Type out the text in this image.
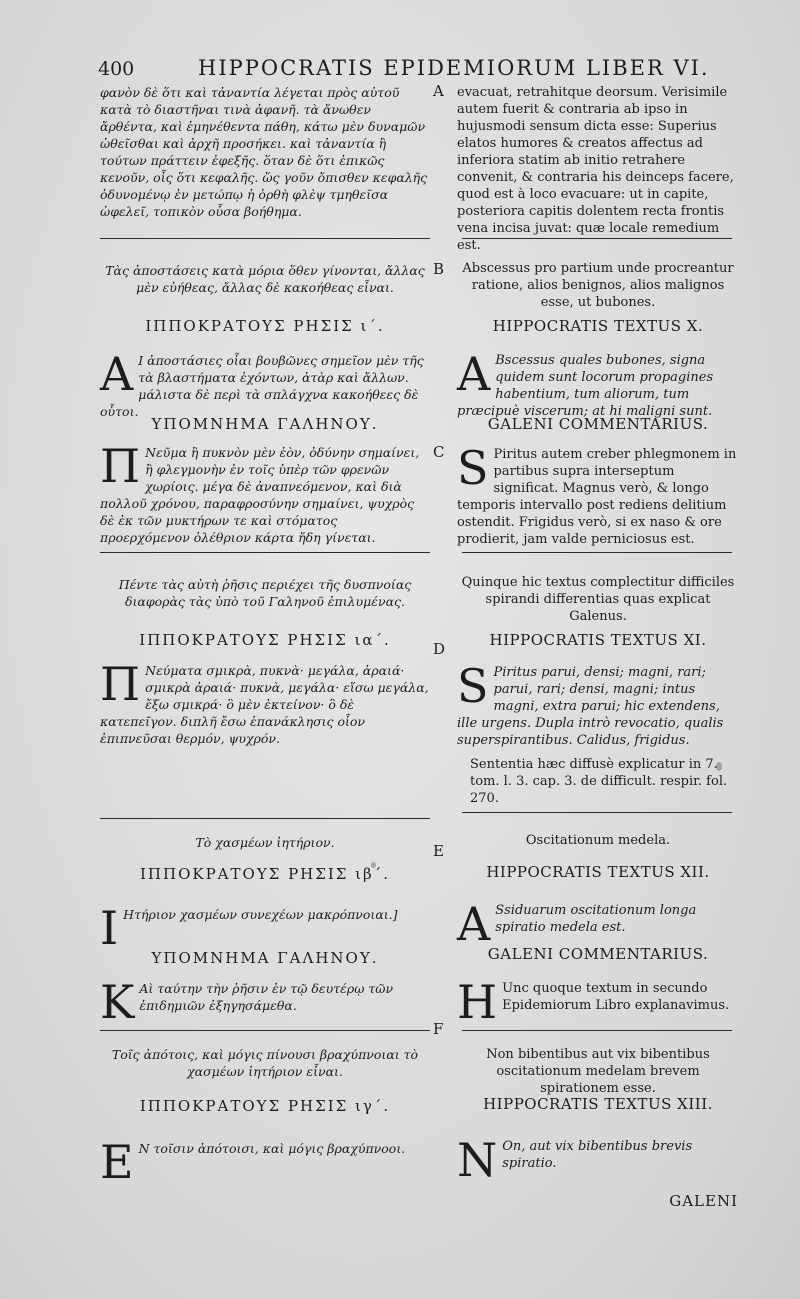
400	HIPPOCRATIS EPIDEMIORUM LIBER VI.
A
B
C
D
E
F
φανὸν δὲ ὅτι καὶ τἀναντία λέγεται πρὸς αὐτοῦ κατὰ τὸ διαστῆναι τινὰ ἀφανῆ. τὰ ἄνωθεν ἄρθέντα, καὶ ἐμηνέθεντα πάθη, κάτω μὲν δυναμῶν ὠθεῖσθαι καὶ ἀρχῆ προσήκει. καὶ τἀναντία ἢ τούτων πράττειν ἐφεξῆς. ὅταν δὲ ὅτι ἐπικῶς κενοῦν, οἷς ὅτι κεφαλῆς. ὥς γοῦν ὄπισθεν κεφαλῆς ὀδυνομένῳ ἐν μετώπῳ ἡ ὀρθὴ φλὲψ τμηθεῖσα ὠφελεῖ, τοπικὸν οὖσα βοήθημα.
Τὰς ἀποστάσεις κατὰ μόρια ὅθεν γίνονται, ἄλλας μὲν εὐήθεας, ἄλλας δὲ κακοήθεας εἶναι.
ΙΠΠΟΚΡΑΤΟΥΣ ΡΗΣΙΣ ι΄.
A Ι ἀποστάσιες οἷαι βουβῶνες σημεῖον μὲν τῆς τὰ βλαστήματα ἐχόντων, ἀτὰρ καὶ ἄλλων. μάλιστα δὲ περὶ τὰ σπλάγχνα κακοήθεες δὲ οὗτοι.
ΥΠΟΜΝΗΜΑ ΓΑΛΗΝΟΥ.
Π Νεῦμα ἢ πυκνὸν μὲν ἐὸν, ὀδύνην σημαίνει, ἢ φλεγμονὴν ἐν τοῖς ὑπὲρ τῶν φρενῶν χωρίοις. μέγα δὲ ἀναπνεόμενον, καὶ διὰ πολλοῦ χρόνου, παραφροσύνην σημαίνει, ψυχρὸς δὲ ἐκ τῶν μυκτήρων τε καὶ στόματος προερχόμενον ὀλέθριον κάρτα ἤδη γίνεται.
Πέντε τὰς αὐτὴ ῥῆσις περιέχει τῆς δυσπνοίας διαφορὰς τὰς ὑπὸ τοῦ Γαληνοῦ ἐπιλυμένας.
ΙΠΠΟΚΡΑΤΟΥΣ ΡΗΣΙΣ ια΄.
Π Νεύματα σμικρὰ, πυκνὰ· μεγάλα, ἀραιά· σμικρὰ ἀραιά· πυκνὰ, μεγάλα· εἴσω μεγάλα, ἔξω σμικρά· ὃ μὲν ἐκτείνον· ὃ δὲ κατεπεῖγον. διπλῆ ἔσω ἐπανάκλησις οἷον ἐπιπνεῦσαι θερμόν, ψυχρόν.
Τὸ χασμέων ἰητήριον.
ΙΠΠΟΚΡΑΤΟΥΣ ΡΗΣΙΣ ιβ΄.
Ι Ητήριον χασμέων συνεχέων μακρόπνοιαι.]
ΥΠΟΜΝΗΜΑ ΓΑΛΗΝΟΥ.
Κ Αὶ ταύτην τὴν ῥῆσιν ἐν τῷ δευτέρῳ τῶν ἐπιδημιῶν ἐξηγησάμεθα.
Τοῖς ἀπότοις, καὶ μόγις πίνουσι βραχύπνοιαι τὸ χασμέων ἰητήριον εἶναι.
ΙΠΠΟΚΡΑΤΟΥΣ ΡΗΣΙΣ ιγ΄.
Ε Ν τοῖσιν ἀπότοισι, καὶ μόγις βραχύπνοοι.
evacuat, retrahitque deorsum. Verisimile autem fuerit & contraria ab ipso in hujusmodi sensum dicta esse: Superius elatos humores & creatos affectus ad inferiora statim ab initio retrahere convenit, & contraria his deinceps facere, quod est à loco evacuare: ut in capite, posteriora capitis dolentem recta frontis vena incisa juvat: quæ locale remedium est.
Abscessus pro partium unde procreantur ratione, alios benignos, alios malignos esse, ut bubones.
HIPPOCRATIS TEXTUS X.
A Bscessus quales bubones, signa quidem sunt locorum propagines habentium, tum aliorum, tum præcipuè viscerum; at hi maligni sunt.
GALENI COMMENTARIUS.
S Piritus autem creber phlegmonem in partibus supra interseptum significat. Magnus verò, & longo temporis intervallo post rediens delitium ostendit. Frigidus verò, si ex naso & ore prodierit, jam valde perniciosus est.
Quinque hic textus complectitur difficiles spirandi differentias quas explicat Galenus.
HIPPOCRATIS TEXTUS XI.
S Piritus parui, densi; magni, rari; parui, rari; densi, magni; intus magni, extra parui; hic extendens, ille urgens. Dupla intrò revocatio, qualis superspirantibus. Calidus, frigidus.
Sententia hæc diffusè explicatur in 7. tom. l. 3. cap. 3. de difficult. respir. fol. 270.
Oscitationum medela.
HIPPOCRATIS TEXTUS XII.
A Ssiduarum oscitationum longa spiratio medela est.
GALENI COMMENTARIUS.
H Unc quoque textum in secundo Epidemiorum Libro explanavimus.
Non bibentibus aut vix bibentibus oscitationum medelam brevem spirationem esse.
HIPPOCRATIS TEXTUS XIII.
N On, aut vix bibentibus brevis spiratio.
GALENI
